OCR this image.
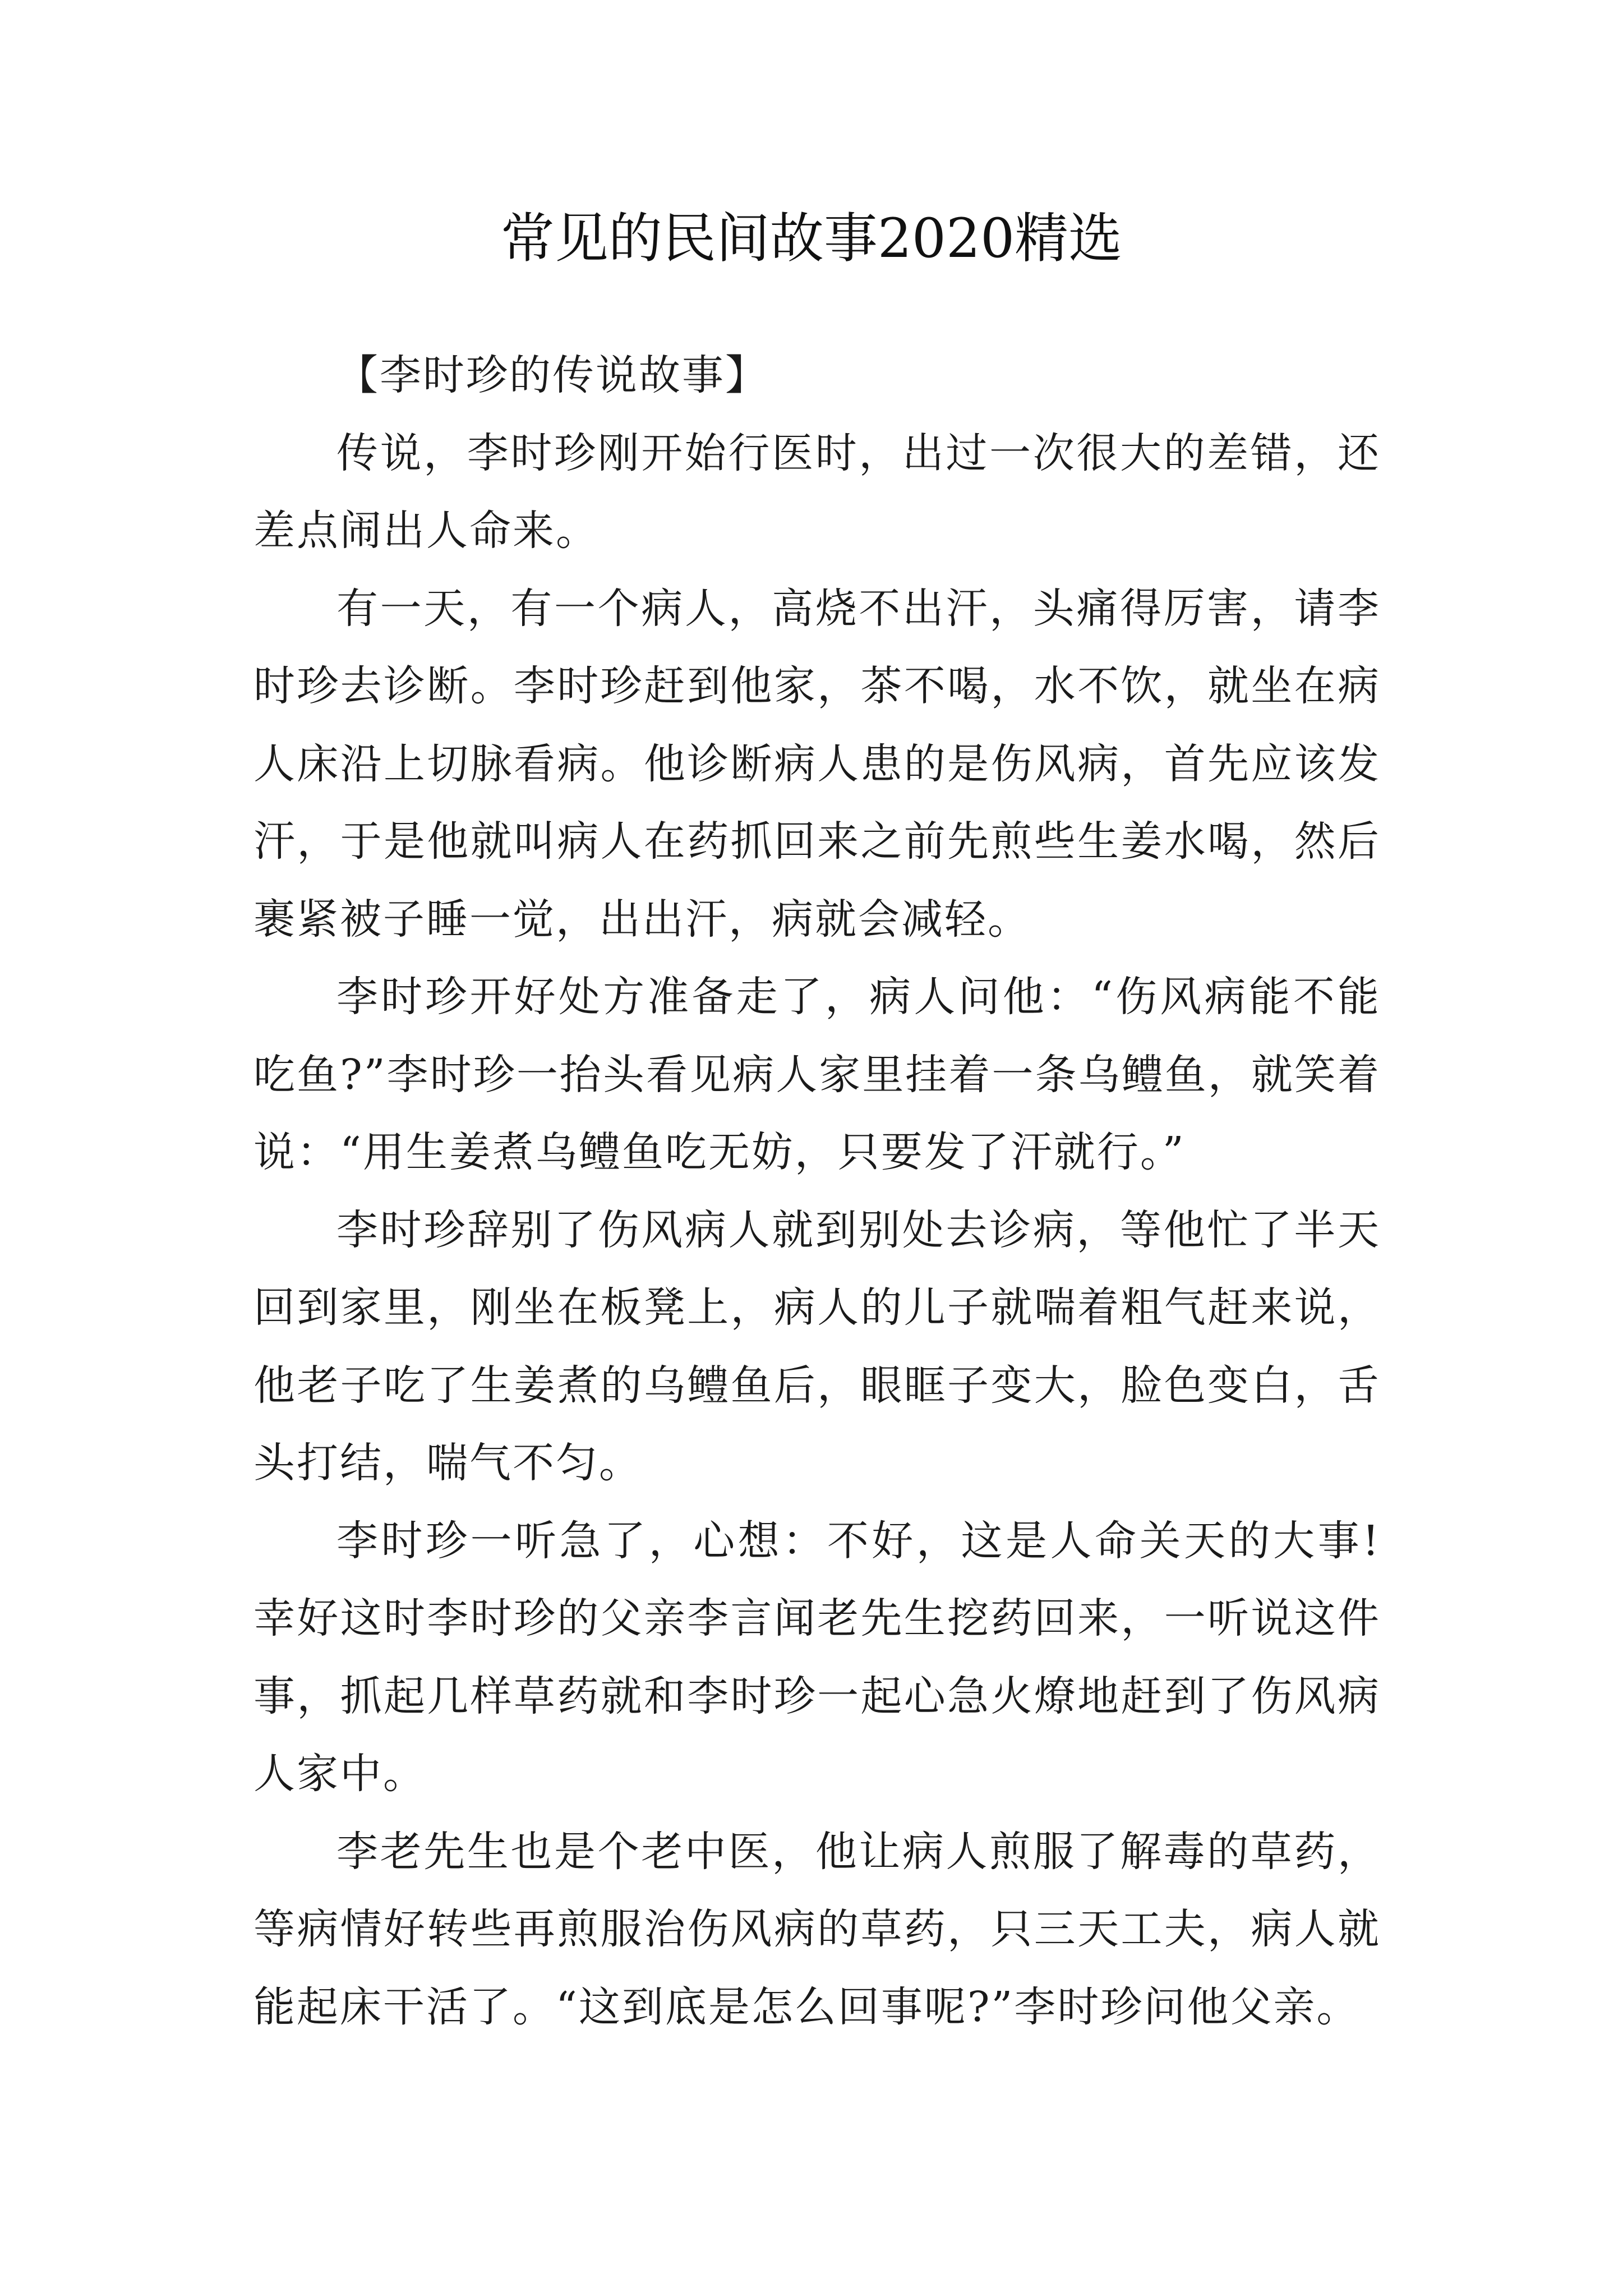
常见的民间故事2020精选

【李时珍的传说故事】

传说，李时珍刚开始行医时，出过一次很大的差错，还差点闹出人命来。

有一天，有一个病人，高烧不出汗，头痛得厉害，请李时珍去诊断。李时珍赶到他家，茶不喝，水不饮，就坐在病人床沿上切脉看病。他诊断病人患的是伤风病，首先应该发汗，于是他就叫病人在药抓回来之前先煎些生姜水喝，然后裹紧被子睡一觉，出出汗，病就会减轻。

李时珍开好处方准备走了，病人问他：“伤风病能不能吃鱼?”李时珍一抬头看见病人家里挂着一条乌鳢鱼，就笑着说：“用生姜煮乌鳢鱼吃无妨，只要发了汗就行。”

李时珍辞别了伤风病人就到别处去诊病，等他忙了半天回到家里，刚坐在板凳上，病人的儿子就喘着粗气赶来说，他老子吃了生姜煮的乌鳢鱼后，眼眶子变大，脸色变白，舌头打结，喘气不匀。

李时珍一听急了，心想：不好，这是人命关天的大事!幸好这时李时珍的父亲李言闻老先生挖药回来，一听说这件事，抓起几样草药就和李时珍一起心急火燎地赶到了伤风病人家中。

李老先生也是个老中医，他让病人煎服了解毒的草药，等病情好转些再煎服治伤风病的草药，只三天工夫，病人就能起床干活了。“这到底是怎么回事呢?”李时珍问他父亲。
